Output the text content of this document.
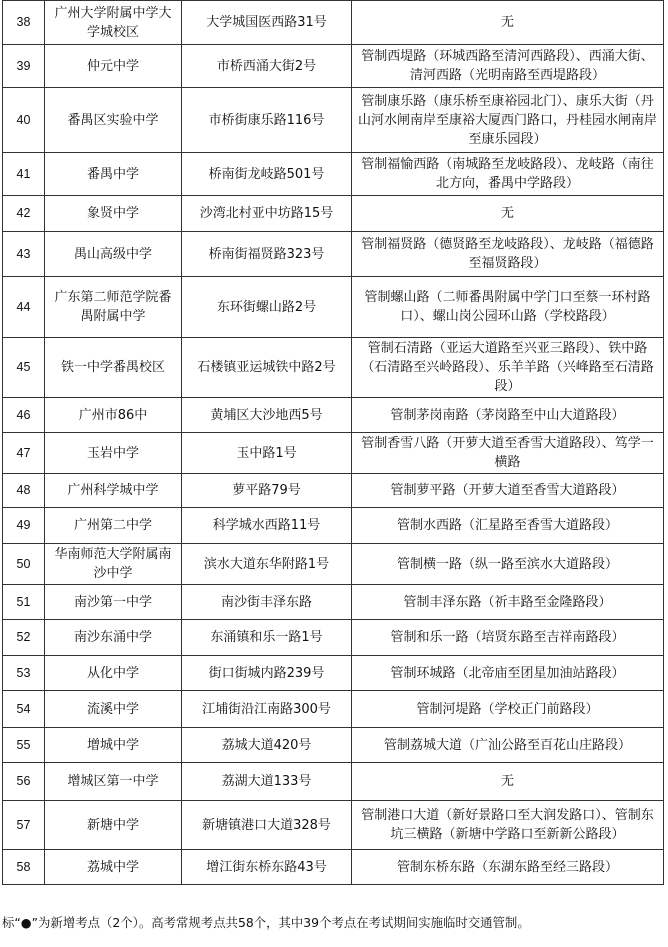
38	广州大学附属中学大学城校区	大学城国医西路31号	无
39	仲元中学	市桥西涌大街2号	管制西堤路（环城西路至清河西路段）、西涌大街、清河西路（光明南路至西堤路段）
40	番禺区实验中学	市桥街康乐路116号	管制康乐路（康乐桥至康裕园北门）、康乐大街（丹山河水闸南岸至康裕大厦西门路口，丹桂园水闸南岸至康乐园段）
41	番禺中学	桥南街龙岐路501号	管制福愉西路（南城路至龙岐路段）、龙岐路（南往北方向，番禺中学路段）
42	象贤中学	沙湾北村亚中坊路15号	无
43	禺山高级中学	桥南街福贤路323号	管制福贤路（德贤路至龙岐路段）、龙岐路（福德路至福贤路段）
44	广东第二师范学院番禺附属中学	东环街螺山路2号	管制螺山路（二师番禺附属中学门口至蔡一环村路口）、螺山岗公园环山路（学校路段）
45	铁一中学番禺校区	石楼镇亚运城铁中路2号	管制石清路（亚运大道路至兴亚三路段）、铁中路（石清路至兴岭路段）、乐羊羊路（兴峰路至石清路段）
46	广州市86中	黄埔区大沙地西5号	管制茅岗南路（茅岗路至中山大道路段）
47	玉岩中学	玉中路1号	管制香雪八路（开萝大道至香雪大道路段）、笃学一横路
48	广州科学城中学	萝平路79号	管制萝平路（开萝大道至香雪大道路段）
49	广州第二中学	科学城水西路11号	管制水西路（汇星路至香雪大道路段）
50	华南师范大学附属南沙中学	滨水大道东华附路1号	管制横一路（纵一路至滨水大道路段）
51	南沙第一中学	南沙街丰泽东路	管制丰泽东路（祈丰路至金隆路段）
52	南沙东涌中学	东涌镇和乐一路1号	管制和乐一路（培贤东路至吉祥南路段）
53	从化中学	街口街城内路239号	管制环城路（北帝庙至团星加油站路段）
54	流溪中学	江埔街沿江南路300号	管制河堤路（学校正门前路段）
55	增城中学	荔城大道420号	管制荔城大道（广汕公路至百花山庄路段）
56	增城区第一中学	荔湖大道133号	无
57	新塘中学	新塘镇港口大道328号	管制港口大道（新好景路口至大润发路口）、管制东坑三横路（新塘中学路口至新新公路段）
58	荔城中学	增江街东桥东路43号	管制东桥东路（东湖东路至经三路段）
标“●”为新增考点（2个）。高考常规考点共58个，其中39个考点在考试期间实施临时交通管制。
